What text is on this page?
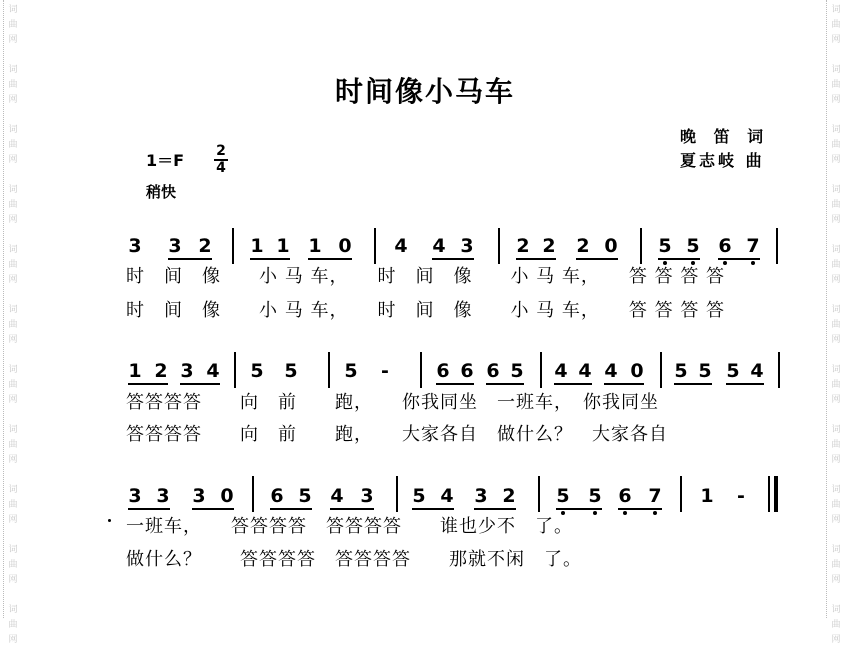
词
曲
网
词
曲
网
词
曲
网
词
曲
网
词
曲
网
词
曲
网
词
曲
网
词
曲
网
词
曲
网
词
曲
网
词
曲
网
词
曲
网
词
曲
网
词
曲
网
词
曲
网
词
曲
网
词
曲
网
词
曲
网
词
曲
网
词
曲
网
词
曲
网
词
曲
网
时间像小马车
晚 笛 词
夏志岐 曲
1＝F 2
4
稍快
3 3 2 1 1 1 0 4 4 3 2 2 2 0 5 5 6 7
时　间　像　　小 马 车，　　时　间　像　　小 马 车，　　答 答 答 答
时　间　像　　小 马 车，　　时　间　像　　小 马 车，　　答 答 答 答
1 2 3 4 5 5 5 - 6 6 6 5 4 4 4 0 5 5 5 4
答答答答　　向　前　　跑，　　你我同坐　一班车，　你我同坐
答答答答　　向　前　　跑，　　大家各自　做什么？　大家各自
3 3 3 0 6 5 4 3 5 4 3 2 5 5 6 7 1 -
一班车，　　答答答答　答答答答　　谁也少不　了。
做什么？　　答答答答　答答答答　　那就不闲　了。
